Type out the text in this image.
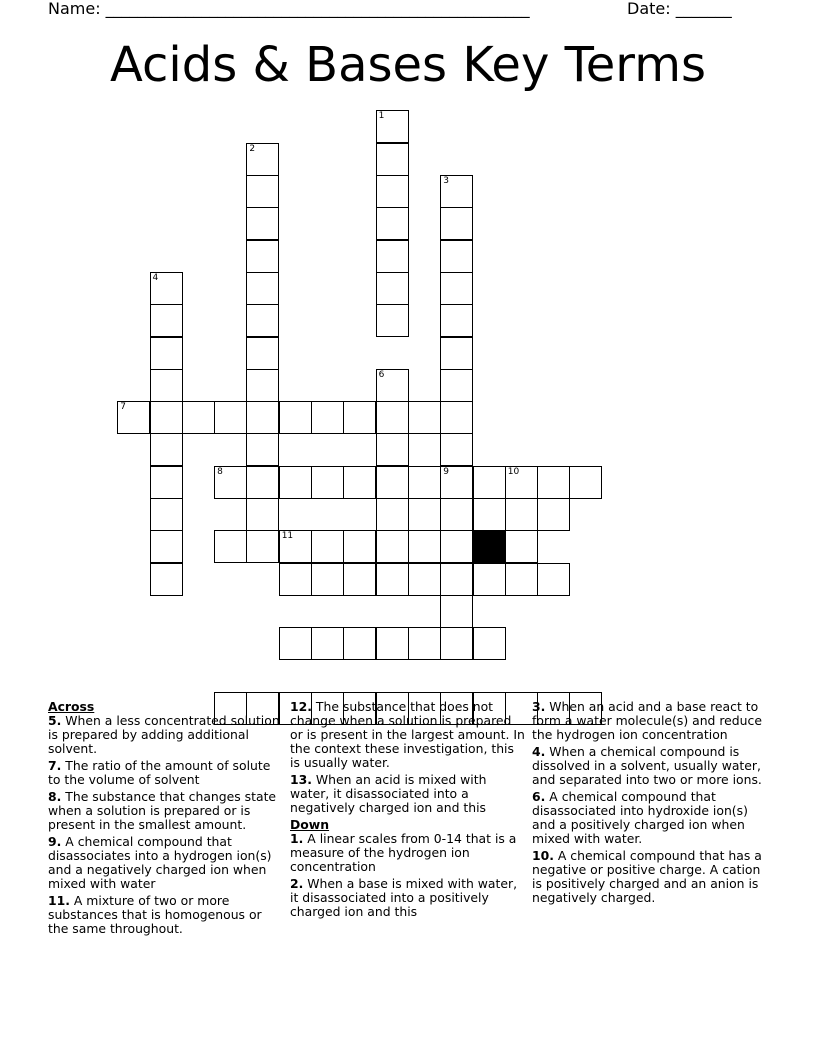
Name: _____________________________________________________	Date: _______
Acids & Bases Key Terms
1
2
3
9
4
6
7
8	10
11
Across
5. When a less concentrated solution is prepared by adding additional solvent.
7. The ratio of the amount of solute to the volume of solvent
8. The substance that changes state when a solution is prepared or is present in the smallest amount.
9. A chemical compound that disassociates into a hydrogen ion(s) and a negatively charged ion when mixed with water
11. A mixture of two or more substances that is homogenous or the same throughout.
12. The substance that does not change when a solution is prepared or is present in the largest amount. In the context these investigation, this is usually water.
13. When an acid is mixed with water, it disassociated into a negatively charged ion and this
Down
1. A linear scales from 0-14 that is a measure of the hydrogen ion concentration
2. When a base is mixed with water, it disassociated into a positively charged ion and this
3. When an acid and a base react to form a water molecule(s) and reduce the hydrogen ion concentration
4. When a chemical compound is dissolved in a solvent, usually water, and separated into two or more ions.
6. A chemical compound that disassociated into hydroxide ion(s) and a positively charged ion when mixed with water.
10. A chemical compound that has a negative or positive charge. A cation is positively charged and an anion is negatively charged.
